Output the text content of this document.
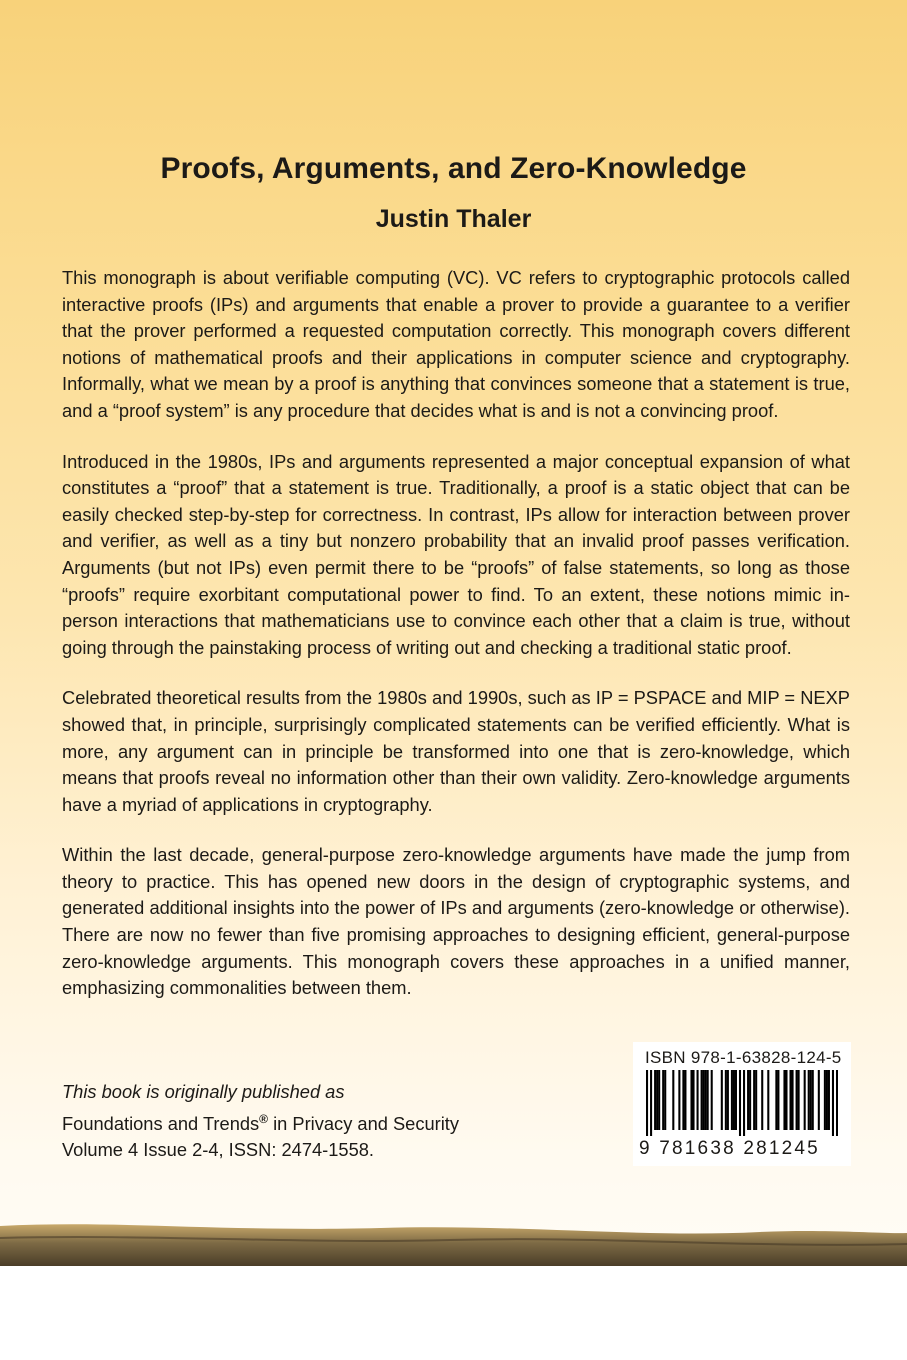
Proofs, Arguments, and Zero-Knowledge
Justin Thaler

This monograph is about verifiable computing (VC). VC refers to cryptographic protocols called interactive proofs (IPs) and arguments that enable a prover to provide a guarantee to a verifier that the prover performed a requested computation correctly. This monograph covers different notions of mathematical proofs and their applications in computer science and cryptography. Informally, what we mean by a proof is anything that convinces someone that a statement is true, and a “proof system” is any procedure that decides what is and is not a convincing proof.

Introduced in the 1980s, IPs and arguments represented a major conceptual expansion of what constitutes a “proof” that a statement is true. Traditionally, a proof is a static object that can be easily checked step-by-step for correctness. In contrast, IPs allow for interaction between prover and verifier, as well as a tiny but nonzero probability that an invalid proof passes verification. Arguments (but not IPs) even permit there to be “proofs” of false statements, so long as those “proofs” require exorbitant computational power to find. To an extent, these notions mimic in-person interactions that mathematicians use to convince each other that a claim is true, without going through the painstaking process of writing out and checking a traditional static proof.

Celebrated theoretical results from the 1980s and 1990s, such as IP = PSPACE and MIP = NEXP showed that, in principle, surprisingly complicated statements can be verified efficiently. What is more, any argument can in principle be transformed into one that is zero-knowledge, which means that proofs reveal no information other than their own validity. Zero-knowledge arguments have a myriad of applications in cryptography.

Within the last decade, general-purpose zero-knowledge arguments have made the jump from theory to practice. This has opened new doors in the design of cryptographic systems, and generated additional insights into the power of IPs and arguments (zero-knowledge or otherwise). There are now no fewer than five promising approaches to designing efficient, general-purpose zero-knowledge arguments. This monograph covers these approaches in a unified manner, emphasizing commonalities between them.

This book is originally published as
Foundations and Trends® in Privacy and Security
Volume 4 Issue 2-4, ISSN: 2474-1558.
ISBN 978-1-63828-124-5
9 781638 281245
